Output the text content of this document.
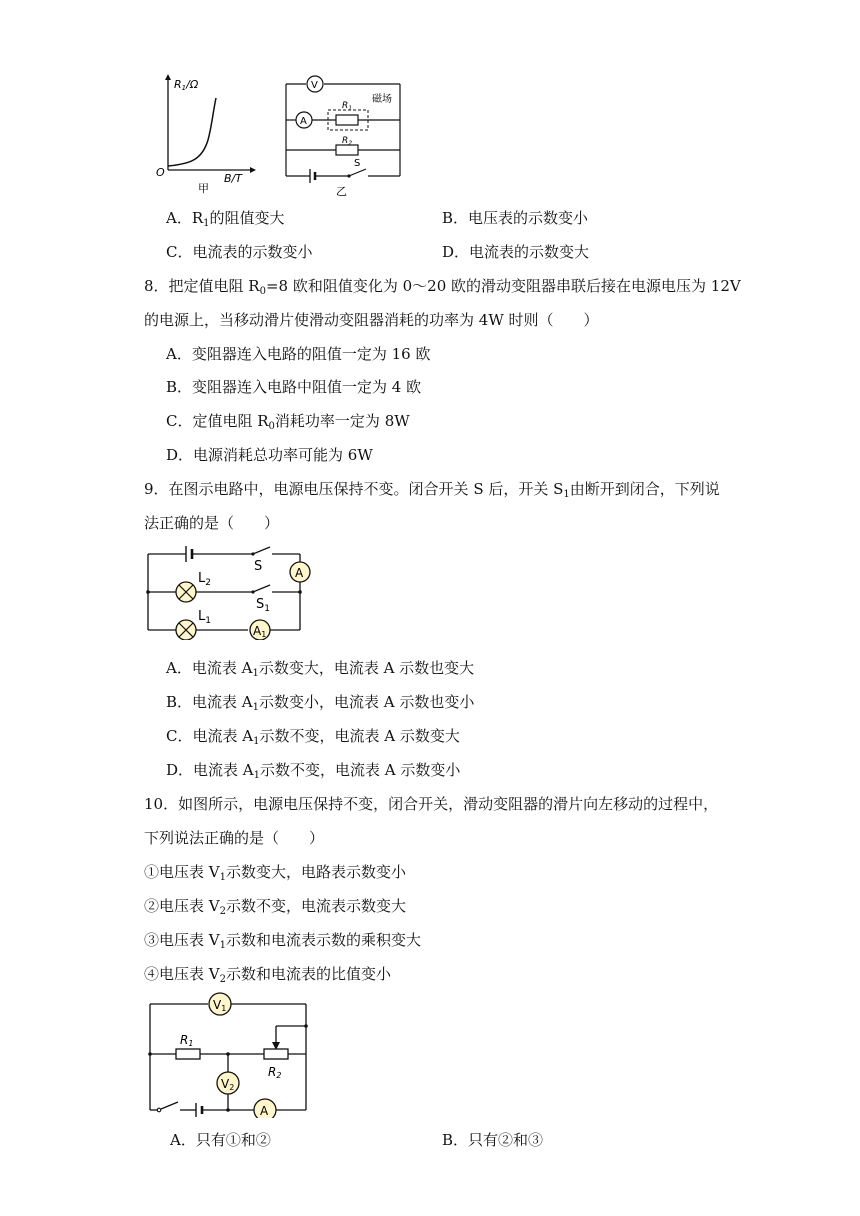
R1/Ω
O	B/T
甲
V
A
$R_1$
磁场
$R_2$
S
乙
A．$R_1$的阻值变大	B．电压表的示数变小
C．电流表的示数变小	D．电流表的示数变大
8．把定值电阻 $R_0=8$ 欧和阻值变化为 0～20 欧的滑动变阻器串联后接在电源电压为 12V
的电源上，当移动滑片使滑动变阻器消耗的功率为 4W 时则（　　）
A．变阻器连入电路的阻值一定为 16 欧
B．变阻器连入电路中阻值一定为 4 欧
C．定值电阻 $R_0$消耗功率一定为 8W
D．电源消耗总功率可能为 6W
9．在图示电路中，电源电压保持不变。闭合开关 S 后，开关 $S_1$由断开到闭合，下列说
法正确的是（　　）
S	A
$L_2$
$S_1$
A1
$L_1$
A．电流表 $A_1$示数变大，电流表 A 示数也变大
B．电流表 $A_1$示数变小，电流表 A 示数也变小
C．电流表 $A_1$示数不变，电流表 A 示数变大
D．电流表 $A_1$示数不变，电流表 A 示数变小
10．如图所示，电源电压保持不变，闭合开关，滑动变阻器的滑片向左移动的过程中，
下列说法正确的是（　　）
①电压表 $V_1$示数变大，电路表示数变小
②电压表 $V_2$示数不变，电流表示数变大
③电压表 $V_1$示数和电流表示数的乘积变大
④电压表 $V_2$示数和电流表的比值变小
V1
R1
R2
V2
A
A．只有①和②	B．只有②和③
